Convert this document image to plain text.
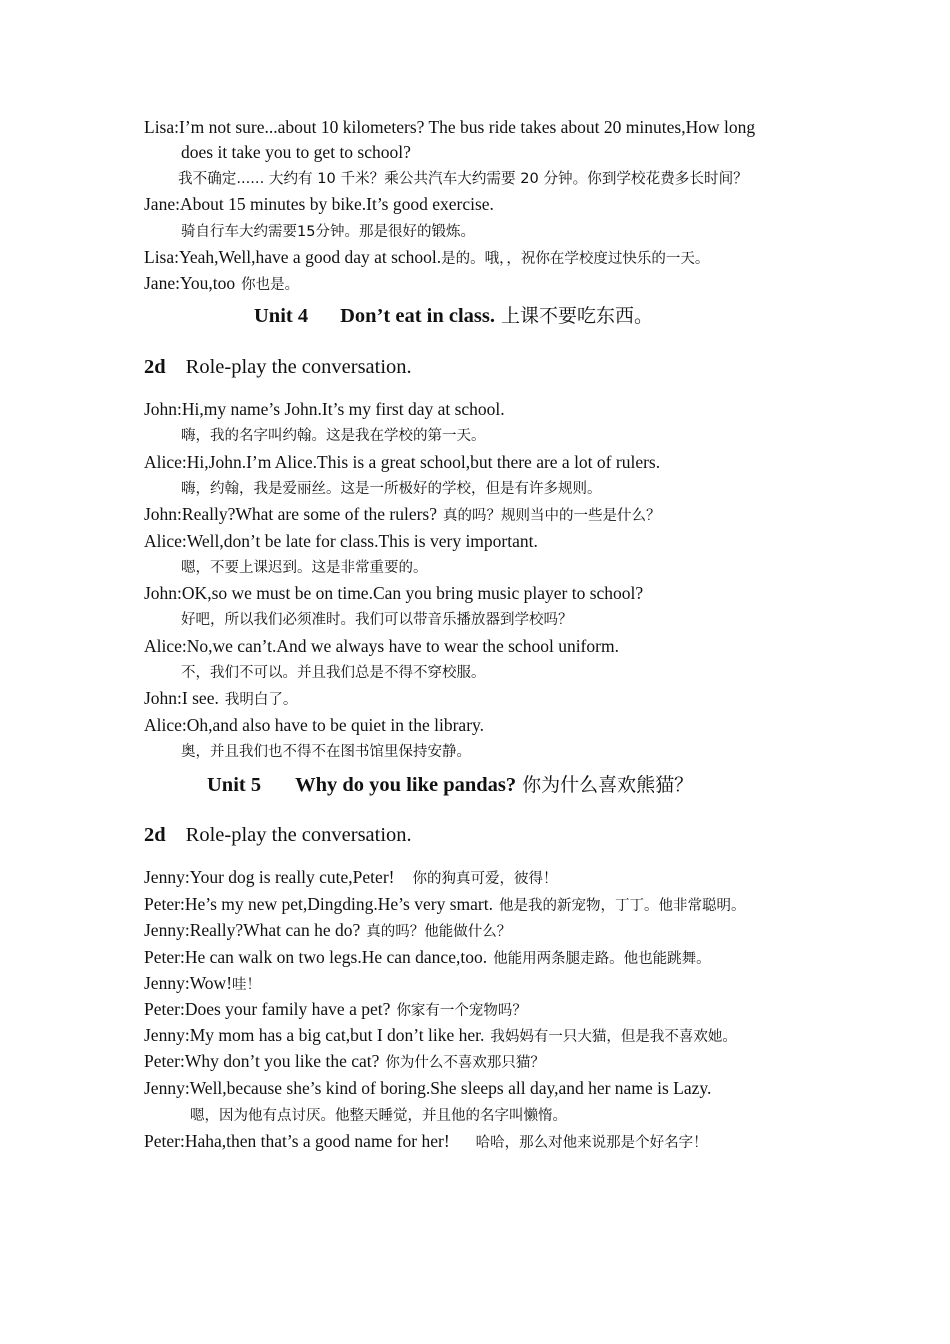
Lisa:I’m not sure...about 10 kilometers? The bus ride takes about 20 minutes,How long
does it take you to get to school?
我不确定...... 大约有 10 千米？乘公共汽车大约需要 20 分钟。你到学校花费多长时间？
Jane:About 15 minutes by bike.It’s good exercise.
骑自行车大约需要15分钟。那是很好的锻炼。
Lisa:Yeah,Well,have a good day at school.是的。哦，，祝你在学校度过快乐的一天。
Jane:You,too 你也是。
Unit 4 Don’t eat in class. 上课不要吃东西。
2d Role-play the conversation.
John:Hi,my name’s John.It’s my first day at school.
嗨，我的名字叫约翰。这是我在学校的第一天。
Alice:Hi,John.I’m Alice.This is a great school,but there are a lot of rulers.
嗨，约翰，我是爱丽丝。这是一所极好的学校，但是有许多规则。
John:Really?What are some of the rulers? 真的吗？规则当中的一些是什么？
Alice:Well,don’t be late for class.This is very important.
嗯，不要上课迟到。这是非常重要的。
John:OK,so we must be on time.Can you bring music player to school?
好吧，所以我们必须准时。我们可以带音乐播放器到学校吗？
Alice:No,we can’t.And we always have to wear the school uniform.
不，我们不可以。并且我们总是不得不穿校服。
John:I see. 我明白了。
Alice:Oh,and also have to be quiet in the library.
奥，并且我们也不得不在图书馆里保持安静。
Unit 5 Why do you like pandas? 你为什么喜欢熊猫？
2d Role-play the conversation.
Jenny:Your dog is really cute,Peter! 你的狗真可爱，彼得！
Peter:He’s my new pet,Dingding.He’s very smart. 他是我的新宠物，丁丁。他非常聪明。
Jenny:Really?What can he do? 真的吗？他能做什么？
Peter:He can walk on two legs.He can dance,too. 他能用两条腿走路。他也能跳舞。
Jenny:Wow!哇！
Peter:Does your family have a pet? 你家有一个宠物吗？
Jenny:My mom has a big cat,but I don’t like her. 我妈妈有一只大猫，但是我不喜欢她。
Peter:Why don’t you like the cat? 你为什么不喜欢那只猫？
Jenny:Well,because she’s kind of boring.She sleeps all day,and her name is Lazy.
嗯，因为他有点讨厌。他整天睡觉，并且他的名字叫懒惰。
Peter:Haha,then that’s a good name for her! 哈哈，那么对他来说那是个好名字！
